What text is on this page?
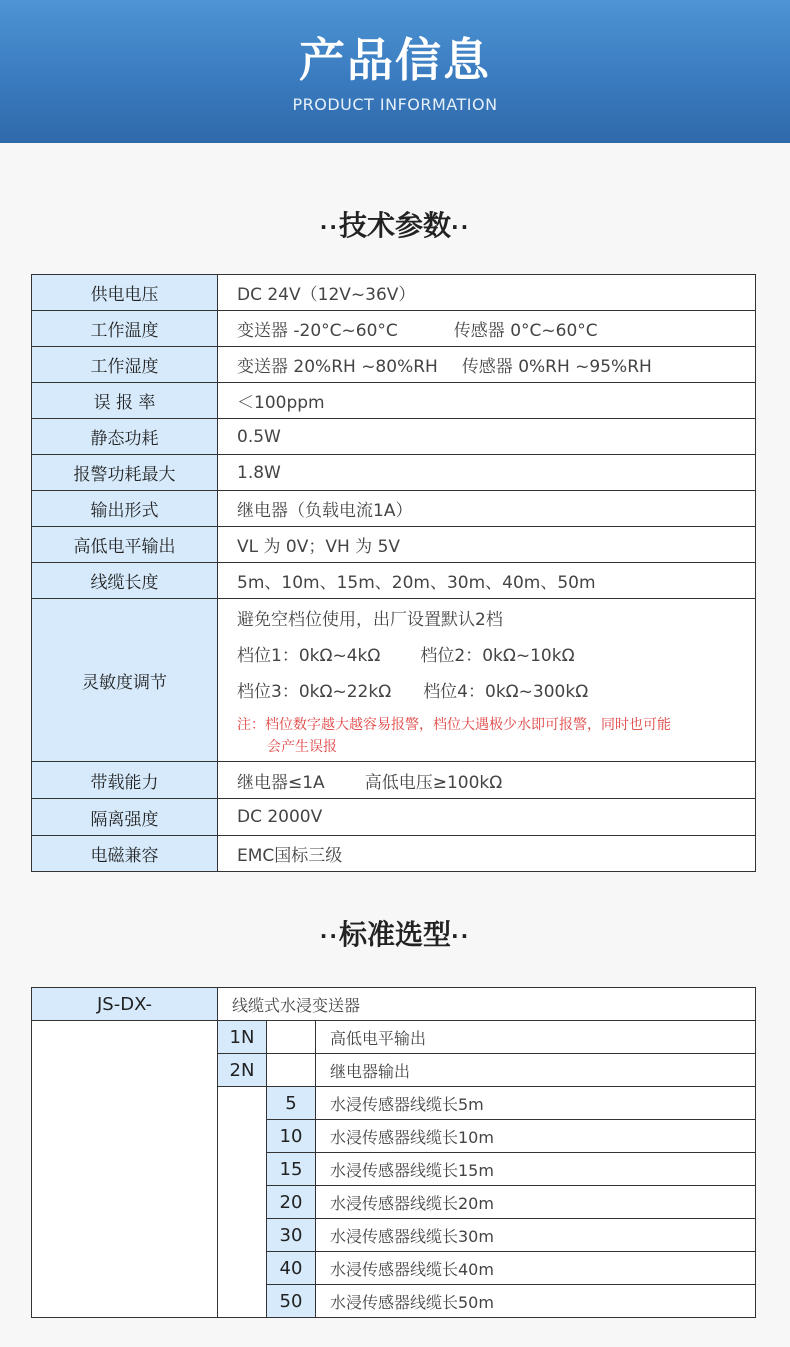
产品信息
PRODUCT INFORMATION
··技术参数··
供电电压	DC 24V（12V~36V）
工作温度	变送器 -20°C~60°C 传感器 0°C~60°C
工作湿度	变送器 20%RH ~80%RH 传感器 0%RH ~95%RH
误 报 率	＜100ppm
静态功耗	0.5W
报警功耗最大	1.8W
输出形式	继电器（负载电流1A）
高低电平输出	VL 为 0V；VH 为 5V
线缆长度	5m、10m、15m、20m、30m、40m、50m
灵敏度调节	避免空档位使用，出厂设置默认2档
档位1：0kΩ~4kΩ 档位2：0kΩ~10kΩ
档位3：0kΩ~22kΩ 档位4：0kΩ~300kΩ
注：档位数字越大越容易报警，档位大遇极少水即可报警，同时也可能
会产生误报

带载能力	继电器≤1A 高低电压≥100kΩ
隔离强度	DC 2000V
电磁兼容	EMC国标三级
··标准选型··
JS-DX-	线缆式水浸变送器		
	1N		高低电平输出
	2N		继电器输出
		5	水浸传感器线缆长5m
		10	水浸传感器线缆长10m
		15	水浸传感器线缆长15m
		20	水浸传感器线缆长20m
		30	水浸传感器线缆长30m
		40	水浸传感器线缆长40m
		50	水浸传感器线缆长50m
